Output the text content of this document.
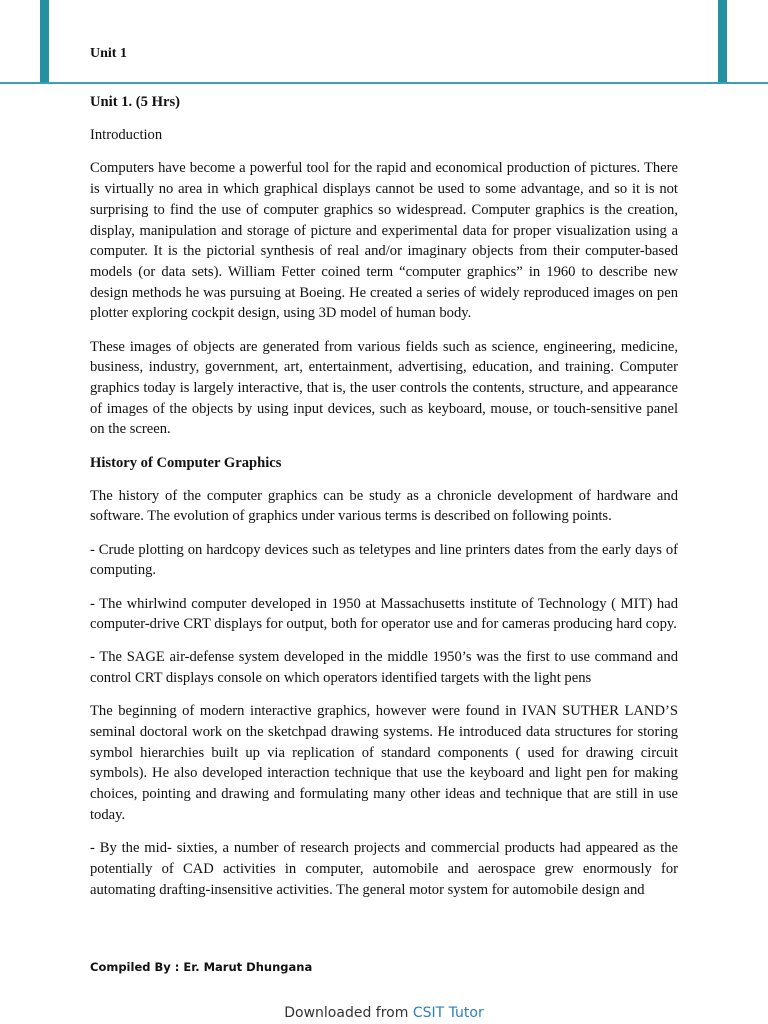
Unit 1

Unit 1. (5 Hrs)

Introduction

Computers have become a powerful tool for the rapid and economical production of pictures. There is virtually no area in which graphical displays cannot be used to some advantage, and so it is not surprising to find the use of computer graphics so widespread. Computer graphics is the creation, display, manipulation and storage of picture and experimental data for proper visualization using a computer. It is the pictorial synthesis of real and/or imaginary objects from their computer-based models (or data sets). William Fetter coined term “computer graphics” in 1960 to describe new design methods he was pursuing at Boeing. He created a series of widely reproduced images on pen plotter exploring cockpit design, using 3D model of human body.

These images of objects are generated from various fields such as science, engineering, medicine, business, industry, government, art, entertainment, advertising, education, and training. Computer graphics today is largely interactive, that is, the user controls the contents, structure, and appearance of images of the objects by using input devices, such as keyboard, mouse, or touch-sensitive panel on the screen.

History of Computer Graphics

The history of the computer graphics can be study as a chronicle development of hardware and software. The evolution of graphics under various terms is described on following points.

- Crude plotting on hardcopy devices such as teletypes and line printers dates from the early days of computing.

- The whirlwind computer developed in 1950 at Massachusetts institute of Technology ( MIT) had computer-drive CRT displays for output, both for operator use and for cameras producing hard copy.

- The SAGE air-defense system developed in the middle 1950’s was the first to use command and control CRT displays console on which operators identified targets with the light pens

The beginning of modern interactive graphics, however were found in IVAN SUTHER LAND’S seminal doctoral work on the sketchpad drawing systems. He introduced data structures for storing symbol hierarchies built up via replication of standard components ( used for drawing circuit symbols). He also developed interaction technique that use the keyboard and light pen for making choices, pointing and drawing and formulating many other ideas and technique that are still in use today.

- By the mid- sixties, a number of research projects and commercial products had appeared as the potentially of CAD activities in computer, automobile and aerospace grew enormously for automating drafting-insensitive activities. The general motor system for automobile design and

Compiled By : Er. Marut Dhungana
Downloaded from CSIT Tutor
